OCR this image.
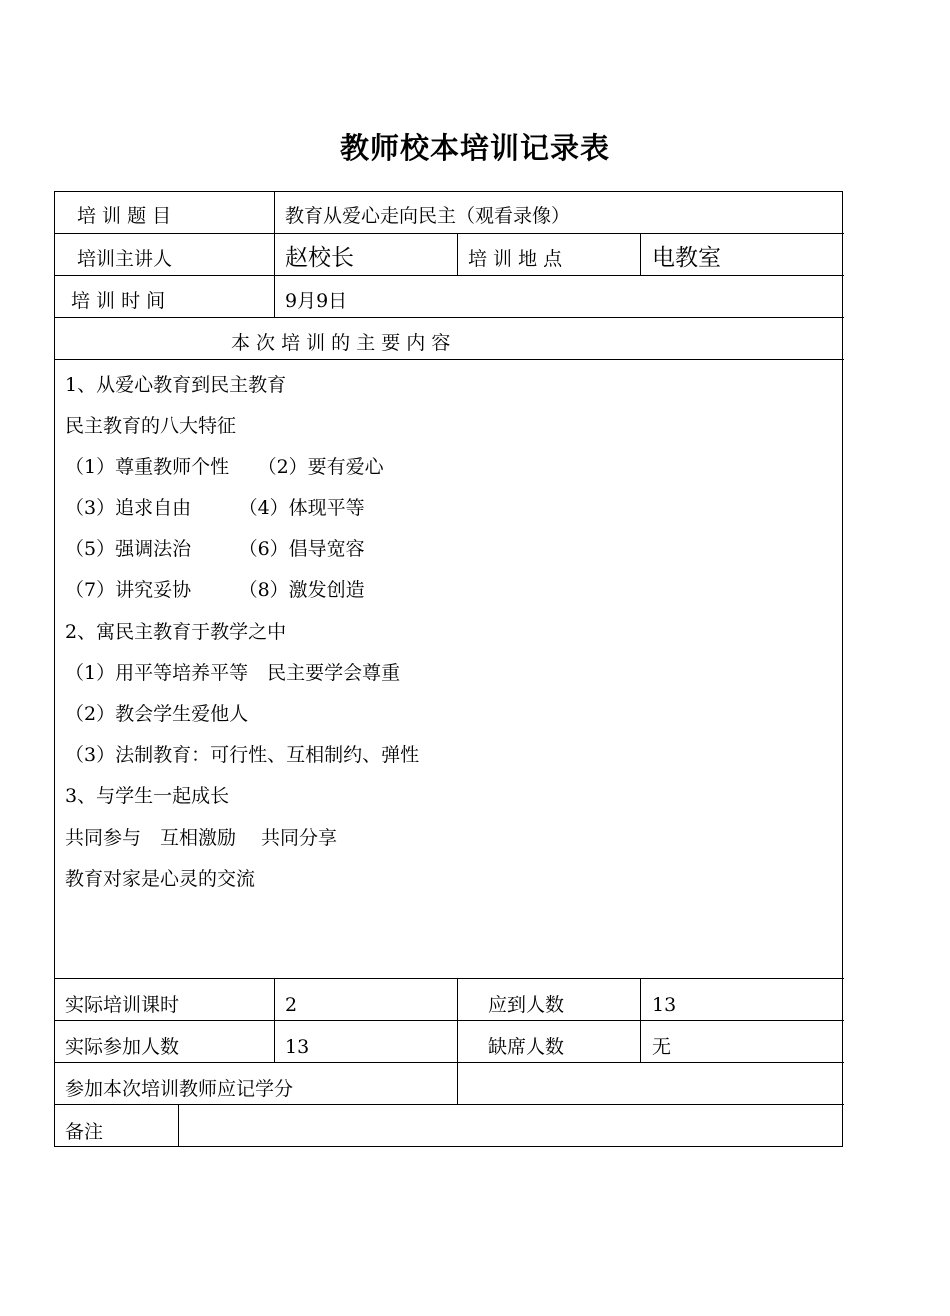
教师校本培训记录表
培 训 题 目	教育从爱心走向民主（观看录像）
培训主讲人	赵校长	培 训 地 点	电教室
培 训 时 间	9月9日
本 次 培 训 的 主 要 内 容
1、从爱心教育到民主教育
民主教育的八大特征
（1）尊重教师个性　　（2）要有爱心
（3）追求自由　　　（4）体现平等
（5）强调法治　　　（6）倡导宽容
（7）讲究妥协　　　（8）激发创造
2、寓民主教育于教学之中
（1）用平等培养平等　民主要学会尊重
（2）教会学生爱他人
（3）法制教育：可行性、互相制约、弹性
3、与学生一起成长
共同参与　互相激励　 共同分享
教育对家是心灵的交流
实际培训课时	2	应到人数	13
实际参加人数	13	缺席人数	无
参加本次培训教师应记学分
备注
